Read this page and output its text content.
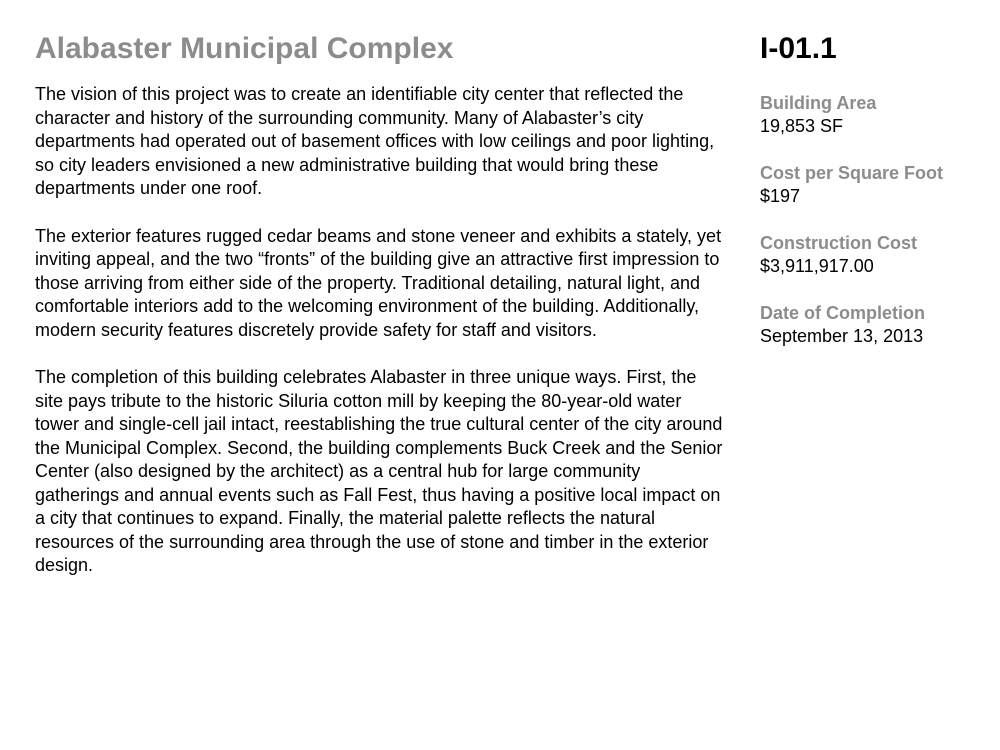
Alabaster Municipal Complex

The vision of this project was to create an identifiable city center that reflected the character and history of the surrounding community. Many of Alabaster’s city departments had operated out of basement offices with low ceilings and poor lighting, so city leaders envisioned a new administrative building that would bring these departments under one roof.

The exterior features rugged cedar beams and stone veneer and exhibits a stately, yet inviting appeal, and the two “fronts” of the building give an attractive first impression to those arriving from either side of the property. Traditional detailing, natural light, and comfortable interiors add to the welcoming environment of the building. Additionally, modern security features discretely provide safety for staff and visitors.

The completion of this building celebrates Alabaster in three unique ways. First, the site pays tribute to the historic Siluria cotton mill by keeping the 80-year-old water tower and single-cell jail intact, reestablishing the true cultural center of the city around the Municipal Complex. Second, the building complements Buck Creek and the Senior Center (also designed by the architect) as a central hub for large community gatherings and annual events such as Fall Fest, thus having a positive local impact on a city that continues to expand. Finally, the material palette reflects the natural resources of the surrounding area through the use of stone and timber in the exterior design.

I-01.1
Building Area
19,853 SF
Cost per Square Foot
$197
Construction Cost
$3,911,917.00
Date of Completion
September 13, 2013
